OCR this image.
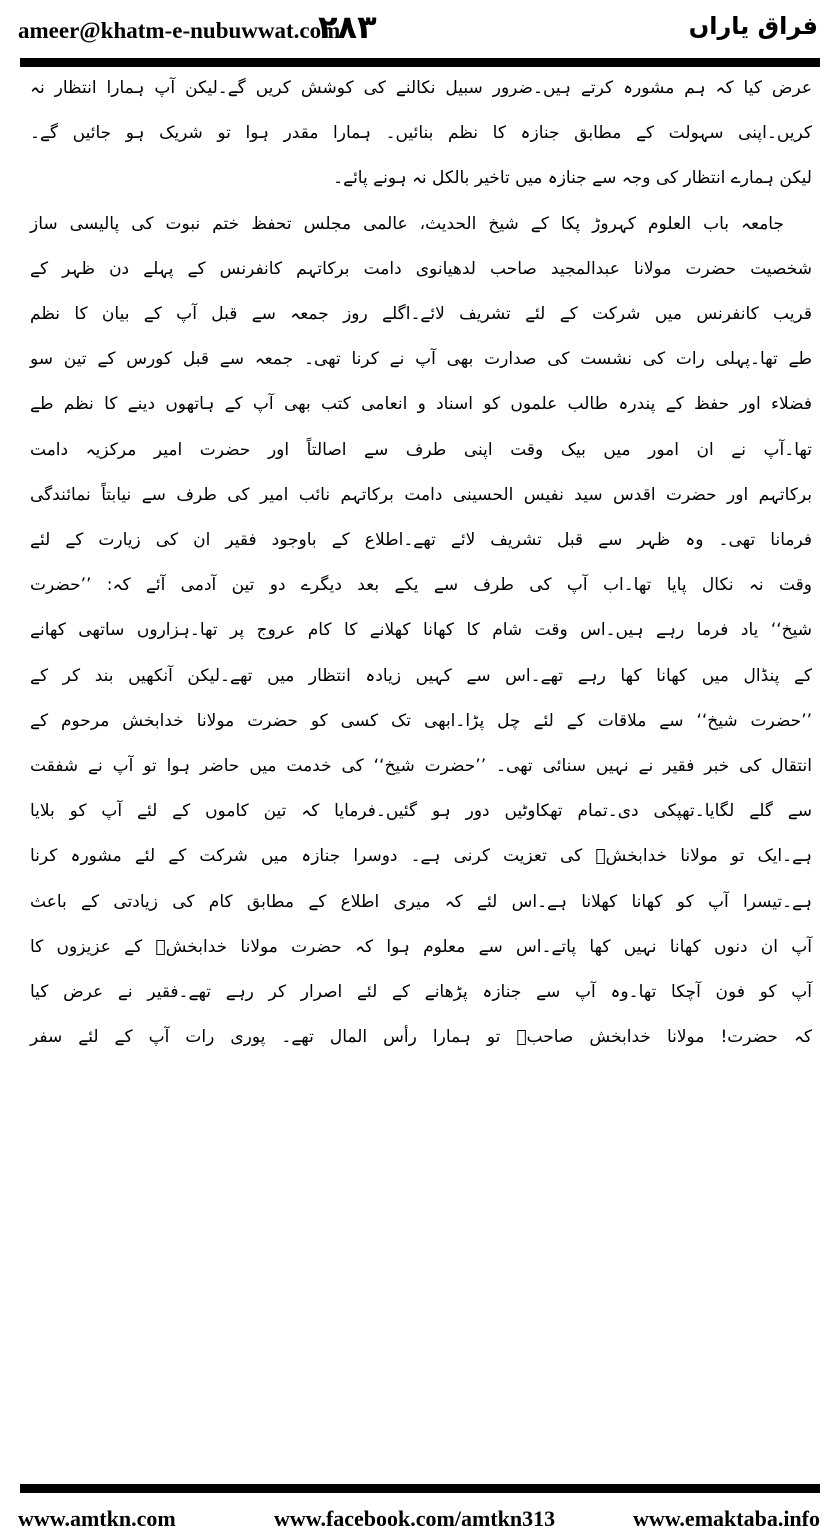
ameer@khatm-e-nubuwwat.com
۲۸۳	فراق یاراں
عرض کیا کہ ہم مشورہ کرتے ہیں۔ضرور سبیل نکالنے کی کوشش کریں گے۔لیکن آپ ہمارا انتظار نہ
کریں۔اپنی سہولت کے مطابق جنازہ کا نظم بنائیں۔ ہمارا مقدر ہوا تو شریک ہو جائیں گے۔
لیکن ہمارے انتظار کی وجہ سے جنازہ میں تاخیر بالکل نہ ہونے پائے۔
جامعہ باب العلوم کہروڑ پکا کے شیخ الحدیث، عالمی مجلس تحفظ ختم نبوت کی پالیسی ساز
شخصیت حضرت مولانا عبدالمجید صاحب لدھیانوی دامت برکاتہم کانفرنس کے پہلے دن ظہر کے
قریب کانفرنس میں شرکت کے لئے تشریف لائے۔اگلے روز جمعہ سے قبل آپ کے بیان کا نظم
طے تھا۔پہلی رات کی نشست کی صدارت بھی آپ نے کرنا تھی۔ جمعہ سے قبل کورس کے تین سو
فضلاء اور حفظ کے پندرہ طالب علموں کو اسناد و انعامی کتب بھی آپ کے ہاتھوں دینے کا نظم طے
تھا۔آپ نے ان امور میں بیک وقت اپنی طرف سے اصالتاً اور حضرت امیر مرکزیہ دامت
برکاتہم اور حضرت اقدس سید نفیس الحسینی دامت برکاتہم نائب امیر کی طرف سے نیابتاً نمائندگی
فرمانا تھی۔ وہ ظہر سے قبل تشریف لائے تھے۔اطلاع کے باوجود فقیر ان کی زیارت کے لئے
وقت نہ نکال پایا تھا۔اب آپ کی طرف سے یکے بعد دیگرے دو تین آدمی آئے کہ: ’’حضرت
شیخ‘‘ یاد فرما رہے ہیں۔اس وقت شام کا کھانا کھلانے کا کام عروج پر تھا۔ہزاروں ساتھی کھانے
کے پنڈال میں کھانا کھا رہے تھے۔اس سے کہیں زیادہ انتظار میں تھے۔لیکن آنکھیں بند کر کے
’’حضرت شیخ‘‘ سے ملاقات کے لئے چل پڑا۔ابھی تک کسی کو حضرت مولانا خدابخش مرحوم کے
انتقال کی خبر فقیر نے نہیں سنائی تھی۔ ’’حضرت شیخ‘‘ کی خدمت میں حاضر ہوا تو آپ نے شفقت
سے گلے لگایا۔تھپکی دی۔تمام تھکاوٹیں دور ہو گئیں۔فرمایا کہ تین کاموں کے لئے آپ کو بلایا
ہے۔ایک تو مولانا خدابخشؒ کی تعزیت کرنی ہے۔ دوسرا جنازہ میں شرکت کے لئے مشورہ کرنا
ہے۔تیسرا آپ کو کھانا کھلانا ہے۔اس لئے کہ میری اطلاع کے مطابق کام کی زیادتی کے باعث
آپ ان دنوں کھانا نہیں کھا پاتے۔اس سے معلوم ہوا کہ حضرت مولانا خدابخشؒ کے عزیزوں کا
آپ کو فون آچکا تھا۔وہ آپ سے جنازہ پڑھانے کے لئے اصرار کر رہے تھے۔فقیر نے عرض کیا
کہ حضرت! مولانا خدابخش صاحبؒ تو ہمارا رأس المال تھے۔ پوری رات آپ کے لئے سفر
www.amtkn.com	www.facebook.com/amtkn313	www.emaktaba.info
